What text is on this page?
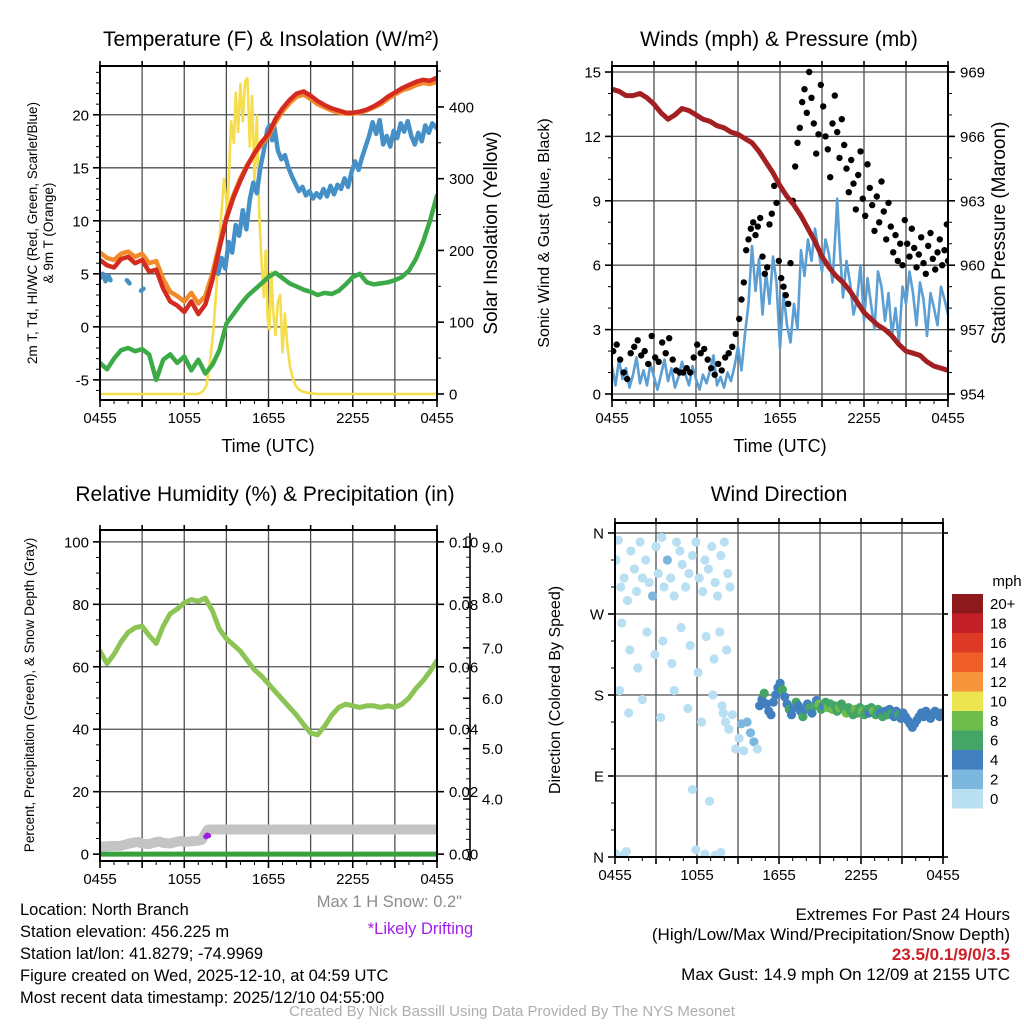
-5
0
5
10
15
20
0
100
200
300
400
0455	1055	1655	2255	0455
Time (UTC)
2m T, Td, HI/WC (Red, Green, Scarlet/Blue) & 9m T (Orange)	Solar Insolation (Yellow)
0
3
6
9
12
15
954
957
960
963
966
969
0455	1055	1655	2255	0455
Time (UTC)
Sonic Wind & Gust (Blue, Black)	Station Pressure (Maroon)
0
20
40
60
80
100
0.00
0.02
0.04
0.06
0.08
0.10
0455	1055	1655	2255	0455
Percent, Precipitation (Green), & Snow Depth (Gray)	4.0
5.0
6.0
7.0
8.0
9.0
N
E
S
W
N
0455	1055	1655	2255	0455
Direction (Colored By Speed)
mph
20+
18
16
14
12
10
8
6
4
2
0
Temperature (F) & Insolation (W/m²)	Winds (mph) & Pressure (mb)
Relative Humidity (%) & Precipitation (in)	Wind Direction
Location: North Branch
Station elevation: 456.225 m
Station lat/lon: 41.8279; -74.9969
Figure created on Wed, 2025-12-10, at 04:59 UTC
Most recent data timestamp: 2025/12/10 04:55:00
Max 1 H Snow: 0.2"
*Likely Drifting
Extremes For Past 24 Hours
(High/Low/Max Wind/Precipitation/Snow Depth)
23.5/0.1/9/0/3.5
Max Gust: 14.9 mph On 12/09 at 2155 UTC
Created By Nick Bassill Using Data Provided By The NYS Mesonet
